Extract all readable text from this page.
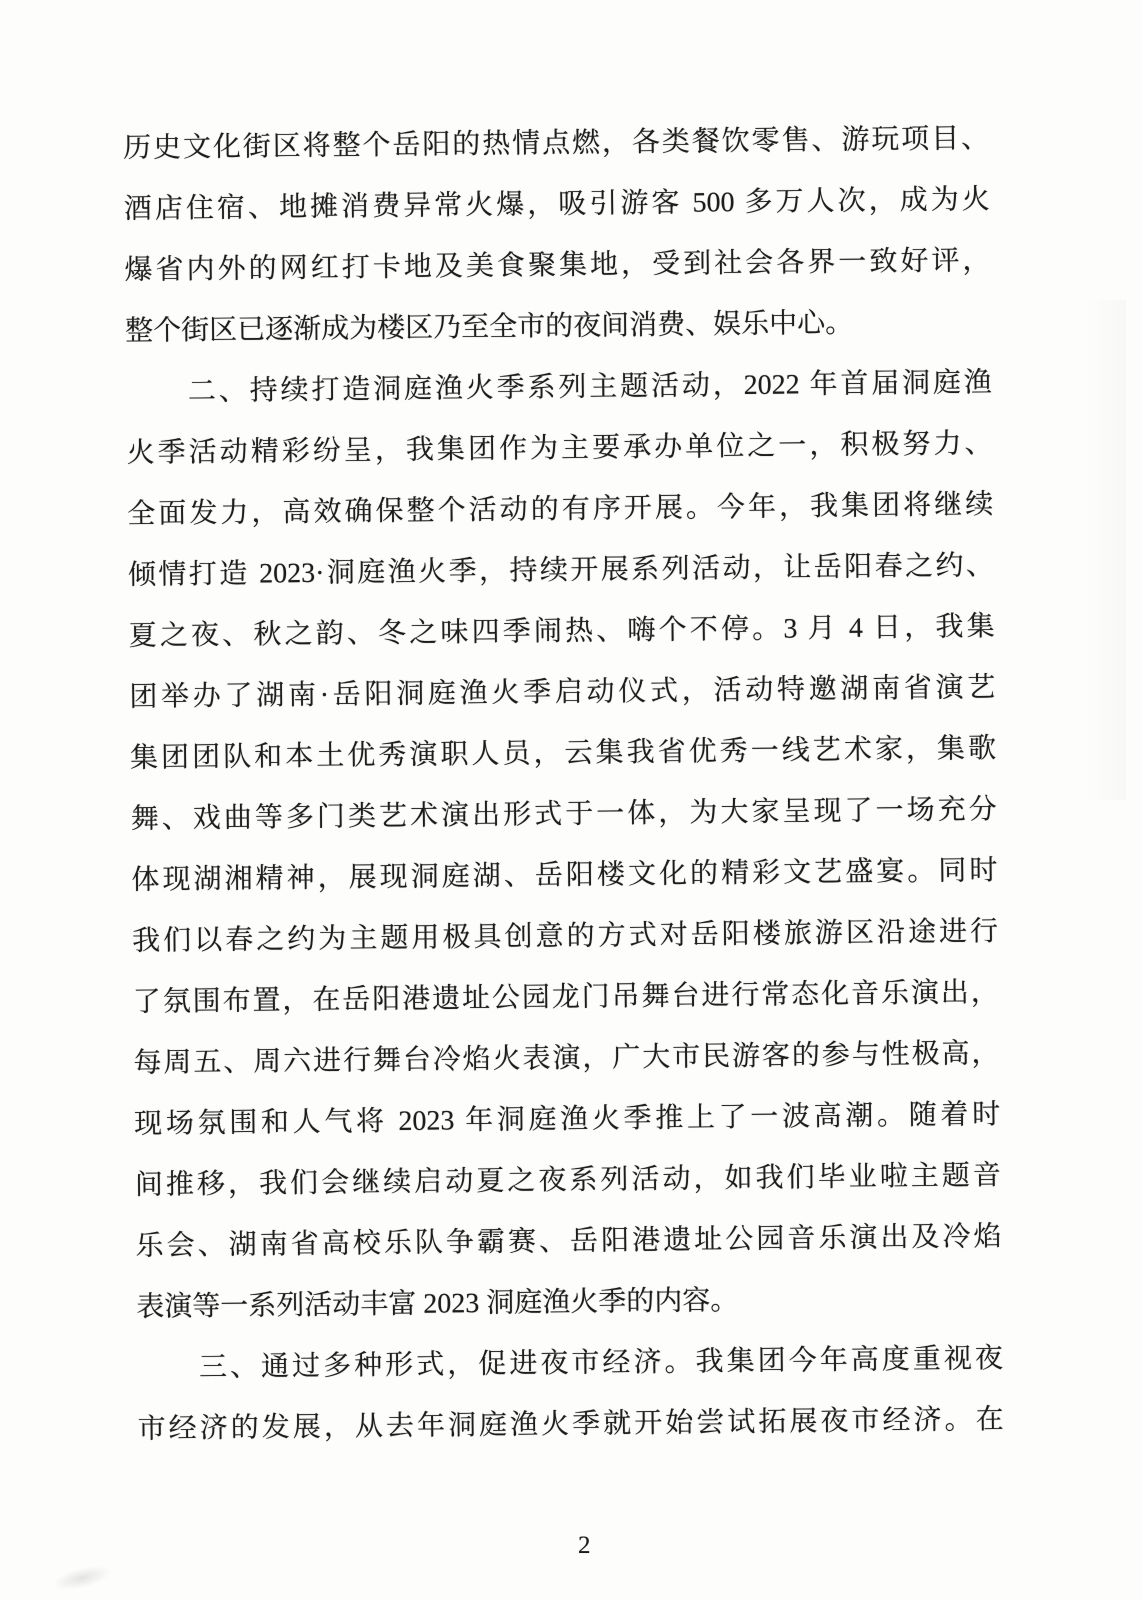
历史文化街区将整个岳阳的热情点燃，各类餐饮零售、游玩项目、
酒店住宿、地摊消费异常火爆，吸引游客 500 多万人次，成为火
爆省内外的网红打卡地及美食聚集地，受到社会各界一致好评，
整个街区已逐渐成为楼区乃至全市的夜间消费、娱乐中心。
二、持续打造洞庭渔火季系列主题活动，2022 年首届洞庭渔
火季活动精彩纷呈，我集团作为主要承办单位之一，积极努力、
全面发力，高效确保整个活动的有序开展。今年，我集团将继续
倾情打造 2023·洞庭渔火季，持续开展系列活动，让岳阳春之约、
夏之夜、秋之韵、冬之味四季闹热、嗨个不停。3 月 4 日，我集
团举办了湖南·岳阳洞庭渔火季启动仪式，活动特邀湖南省演艺
集团团队和本土优秀演职人员，云集我省优秀一线艺术家，集歌
舞、戏曲等多门类艺术演出形式于一体，为大家呈现了一场充分
体现湖湘精神，展现洞庭湖、岳阳楼文化的精彩文艺盛宴。同时
我们以春之约为主题用极具创意的方式对岳阳楼旅游区沿途进行
了氛围布置，在岳阳港遗址公园龙门吊舞台进行常态化音乐演出，
每周五、周六进行舞台冷焰火表演，广大市民游客的参与性极高，
现场氛围和人气将 2023 年洞庭渔火季推上了一波高潮。随着时
间推移，我们会继续启动夏之夜系列活动，如我们毕业啦主题音
乐会、湖南省高校乐队争霸赛、岳阳港遗址公园音乐演出及冷焰
表演等一系列活动丰富 2023 洞庭渔火季的内容。
三、通过多种形式，促进夜市经济。我集团今年高度重视夜
市经济的发展，从去年洞庭渔火季就开始尝试拓展夜市经济。在
2
